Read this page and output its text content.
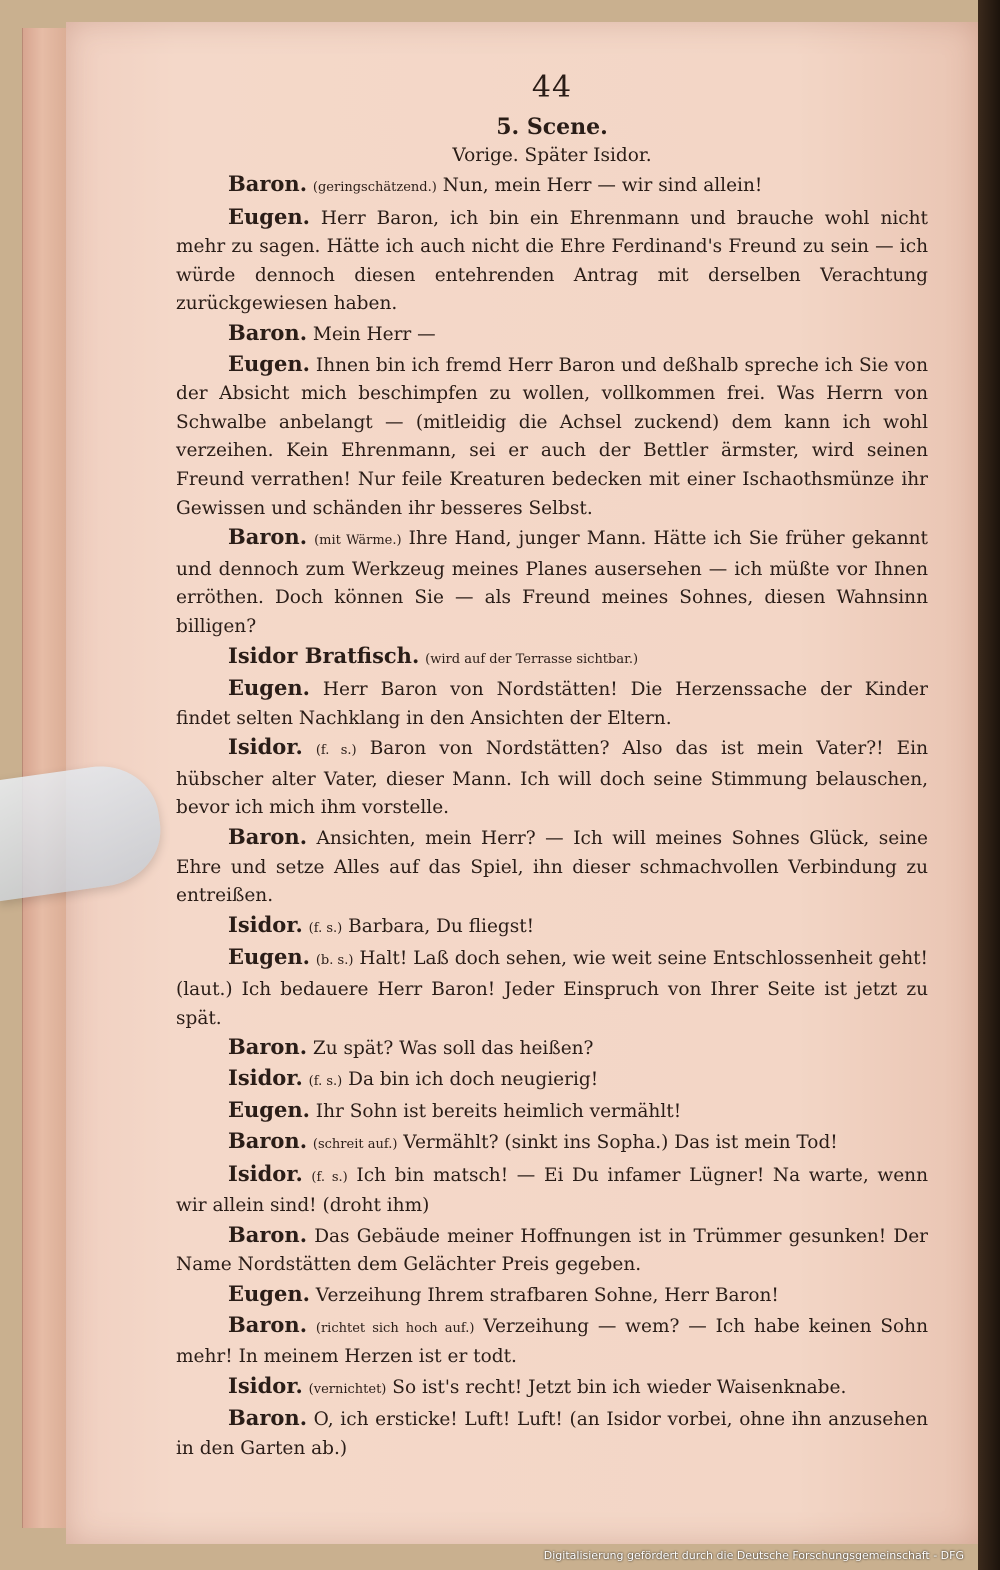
44
5. Scene.
Vorige. Später Isidor.

Baron. (geringschätzend.) Nun, mein Herr — wir sind allein!

Eugen. Herr Baron, ich bin ein Ehrenmann und brauche wohl nicht mehr zu sagen. Hätte ich auch nicht die Ehre Ferdinand's Freund zu sein — ich würde dennoch diesen entehrenden Antrag mit derselben Verachtung zurückgewiesen haben.

Baron. Mein Herr —

Eugen. Ihnen bin ich fremd Herr Baron und deßhalb spreche ich Sie von der Absicht mich beschimpfen zu wollen, vollkommen frei. Was Herrn von Schwalbe anbelangt — (mitleidig die Achsel zuckend) dem kann ich wohl verzeihen. Kein Ehrenmann, sei er auch der Bettler ärmster, wird seinen Freund verrathen! Nur feile Kreaturen bedecken mit einer Ischaothsmünze ihr Gewissen und schänden ihr besseres Selbst.

Baron. (mit Wärme.) Ihre Hand, junger Mann. Hätte ich Sie früher gekannt und dennoch zum Werkzeug meines Planes ausersehen — ich müßte vor Ihnen erröthen. Doch können Sie — als Freund meines Sohnes, diesen Wahnsinn billigen?

Isidor Bratfisch. (wird auf der Terrasse sichtbar.)

Eugen. Herr Baron von Nordstätten! Die Herzenssache der Kinder findet selten Nachklang in den Ansichten der Eltern.

Isidor. (f. s.) Baron von Nordstätten? Also das ist mein Vater?! Ein hübscher alter Vater, dieser Mann. Ich will doch seine Stimmung belauschen, bevor ich mich ihm vorstelle.

Baron. Ansichten, mein Herr? — Ich will meines Sohnes Glück, seine Ehre und setze Alles auf das Spiel, ihn dieser schmachvollen Verbindung zu entreißen.

Isidor. (f. s.) Barbara, Du fliegst!

Eugen. (b. s.) Halt! Laß doch sehen, wie weit seine Entschlossenheit geht! (laut.) Ich bedauere Herr Baron! Jeder Einspruch von Ihrer Seite ist jetzt zu spät.

Baron. Zu spät? Was soll das heißen?

Isidor. (f. s.) Da bin ich doch neugierig!

Eugen. Ihr Sohn ist bereits heimlich vermählt!

Baron. (schreit auf.) Vermählt? (sinkt ins Sopha.) Das ist mein Tod!

Isidor. (f. s.) Ich bin matsch! — Ei Du infamer Lügner! Na warte, wenn wir allein sind! (droht ihm)

Baron. Das Gebäude meiner Hoffnungen ist in Trümmer gesunken! Der Name Nordstätten dem Gelächter Preis gegeben.

Eugen. Verzeihung Ihrem strafbaren Sohne, Herr Baron!

Baron. (richtet sich hoch auf.) Verzeihung — wem? — Ich habe keinen Sohn mehr! In meinem Herzen ist er todt.

Isidor. (vernichtet) So ist's recht! Jetzt bin ich wieder Waisenknabe.

Baron. O, ich ersticke! Luft! Luft! (an Isidor vorbei, ohne ihn anzusehen in den Garten ab.)

Digitalisierung gefördert durch die Deutsche Forschungsgemeinschaft - DFG
